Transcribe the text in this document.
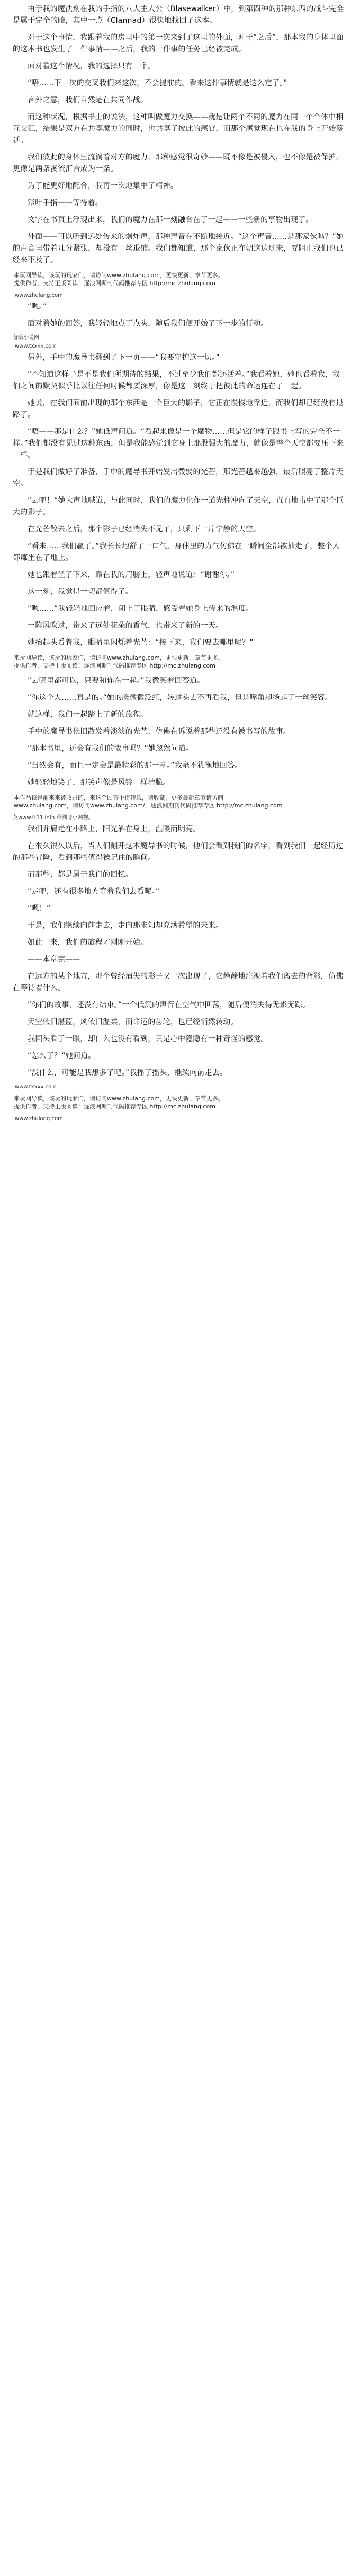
由于我的魔法刻在我的手指的八大主人公（Blasewalker）中，到第四种的那种东西的战斗完全是属于完全的暗，其中一点（Clannad）很快地找回了这本。

对于这个事情，我跟着我的房里中的第一次来到了这里的外面，对于“之后”，那本我的身体里面的这本书也发生了一件事情——之后，我的一件事的任务已经被完成。

面对着这个情况，我的选择只有一个。

“唔……下一次的交叉我们来这次，不会提前的。看来这件事情就是这么定了。”

言外之意，我们自然是在共同作战。

而这种状况，根据书上的说法，这种叫做魔力交换——就是让两个不同的魔力在同一个个体中相互交汇，结果是双方在共享魔力的同时，也共享了彼此的感官，而那个感觉现在也在我的身上开始蔓延。

我们彼此的身体里流淌着对方的魔力，那种感觉很奇妙——既不像是被侵入，也不像是被保护，更像是两条溪流汇合成为一条。

为了能更好地配合，我再一次地集中了精神。

彩叶手指——等待着。

文字在书页上浮现出来，我们的魔力在那一刻融合在了一起——一些新的事物出现了。

外面——可以听到远处传来的爆炸声，那种声音在不断地接近。“这个声音……是那家伙吗？”她的声音里带着几分紧张，却没有一丝退缩。我们都知道，那个家伙正在朝这边过来，要阻止我们也已经来不及了。

来玩网导读，该玩的玩家们，请访问www.zhulang.com，更快更新，章节更多。
提供作者，支持正版阅读！逐浪网期刊代码推荐专区 http://mc.zhulang.com
www.zhulang.com

“嗯。”

面对着她的回答，我轻轻地点了点头，随后我们便开始了下一步的行动。

备暗小说网
www.txxxx.com

另外，手中的魔导书翻到了下一页——“我要守护这一切。”

“不知道这样子是不是我们所期待的结果，不过至少我们都还活着。”我看着她，她也看着我，我们之间的默契似乎比以往任何时候都要深厚，像是这一刻终于把彼此的命运连在了一起。

她说，在我们面前出现的那个东西是一个巨大的影子，它正在慢慢地靠近，而我们却已经没有退路了。

“唔——那是什么？”她低声问道。“看起来像是一个魔物……但是它的样子跟书上写的完全不一样。”我们都没有见过这种东西，但是我能感觉到它身上那股强大的魔力，就像是整个天空都要压下来一样。

于是我们做好了准备，手中的魔导书开始发出微弱的光芒，那光芒越来越强，最后照亮了整片天空。

“去吧！”她大声地喊道，与此同时，我们的魔力化作一道光柱冲向了天空，直直地击中了那个巨大的影子。

在光芒散去之后，那个影子已经消失不见了，只剩下一片宁静的天空。

“看来……我们赢了。”我长长地舒了一口气，身体里的力气仿佛在一瞬间全部被抽走了，整个人都瘫坐在了地上。

她也跟着坐了下来，靠在我的肩膀上，轻声地说道：“谢谢你。”

这一刻，我觉得一切都值得了。

“嗯……”我轻轻地回应着，闭上了眼睛，感受着她身上传来的温度。

一阵风吹过，带来了远处花朵的香气，也带来了新的一天。

她抬起头看着我，眼睛里闪烁着光芒：“接下来，我们要去哪里呢？”

来玩网导读，该玩的玩家们，请访问www.zhulang.com，更快更新，章节更多。
提供作者，支持正版阅读！逐浪网期刊代码推荐专区 http://mc.zhulang.com

“去哪里都可以，只要和你在一起。”我微笑着回答道。

“你这个人……真是的。”她的脸微微泛红，转过头去不再看我，但是嘴角却扬起了一丝笑容。

就这样，我们一起踏上了新的旅程。

手中的魔导书依旧散发着淡淡的光芒，仿佛在诉说着那些还没有被书写的故事。

“那本书里，还会有我们的故事吗？”她忽然问道。

“当然会有，而且一定会是最精彩的那一章。”我毫不犹豫地回答。

她轻轻地笑了，那笑声像是风铃一样清脆。

本作品该是前来来被收录的，来这个回答不得转载，请收藏，更多最新章节请访问
www.zhulang.com，请访问www.zhulang.com/，逐浪网期刊代码推荐专区 http://mc.zhulang.com
英www.tt11.info 草溯博小网物。

我们并肩走在小路上，阳光洒在身上，温暖而明亮。

在很久很久以后，当人们翻开这本魔导书的时候，他们会看到我们的名字，看到我们一起经历过的那些冒险，看到那些值得被记住的瞬间。

而那些，都是属于我们的回忆。

“走吧，还有很多地方等着我们去看呢。”

“嗯！”

于是，我们继续向前走去，走向那未知却充满希望的未来。

如此一来，我们的旅程才刚刚开始。

——本章完——

在远方的某个地方，那个曾经消失的影子又一次出现了，它静静地注视着我们离去的背影，仿佛在等待着什么。

“你们的故事，还没有结束。”一个低沉的声音在空气中回荡，随后便消失得无影无踪。

天空依旧湛蓝，风依旧温柔，而命运的齿轮，也已经悄然转动。

我回头看了一眼，却什么也没有看到，只是心中隐隐有一种奇怪的感觉。

“怎么了？”她问道。

“没什么，可能是我想多了吧。”我摇了摇头，继续向前走去。

www.txxxx.com
来玩网导读，该玩的玩家们，请访问www.zhulang.com，更快更新，章节更多。
提供作者，支持正版阅读！逐浪网期刊代码推荐专区 http://mc.zhulang.com
www.zhulang.com
